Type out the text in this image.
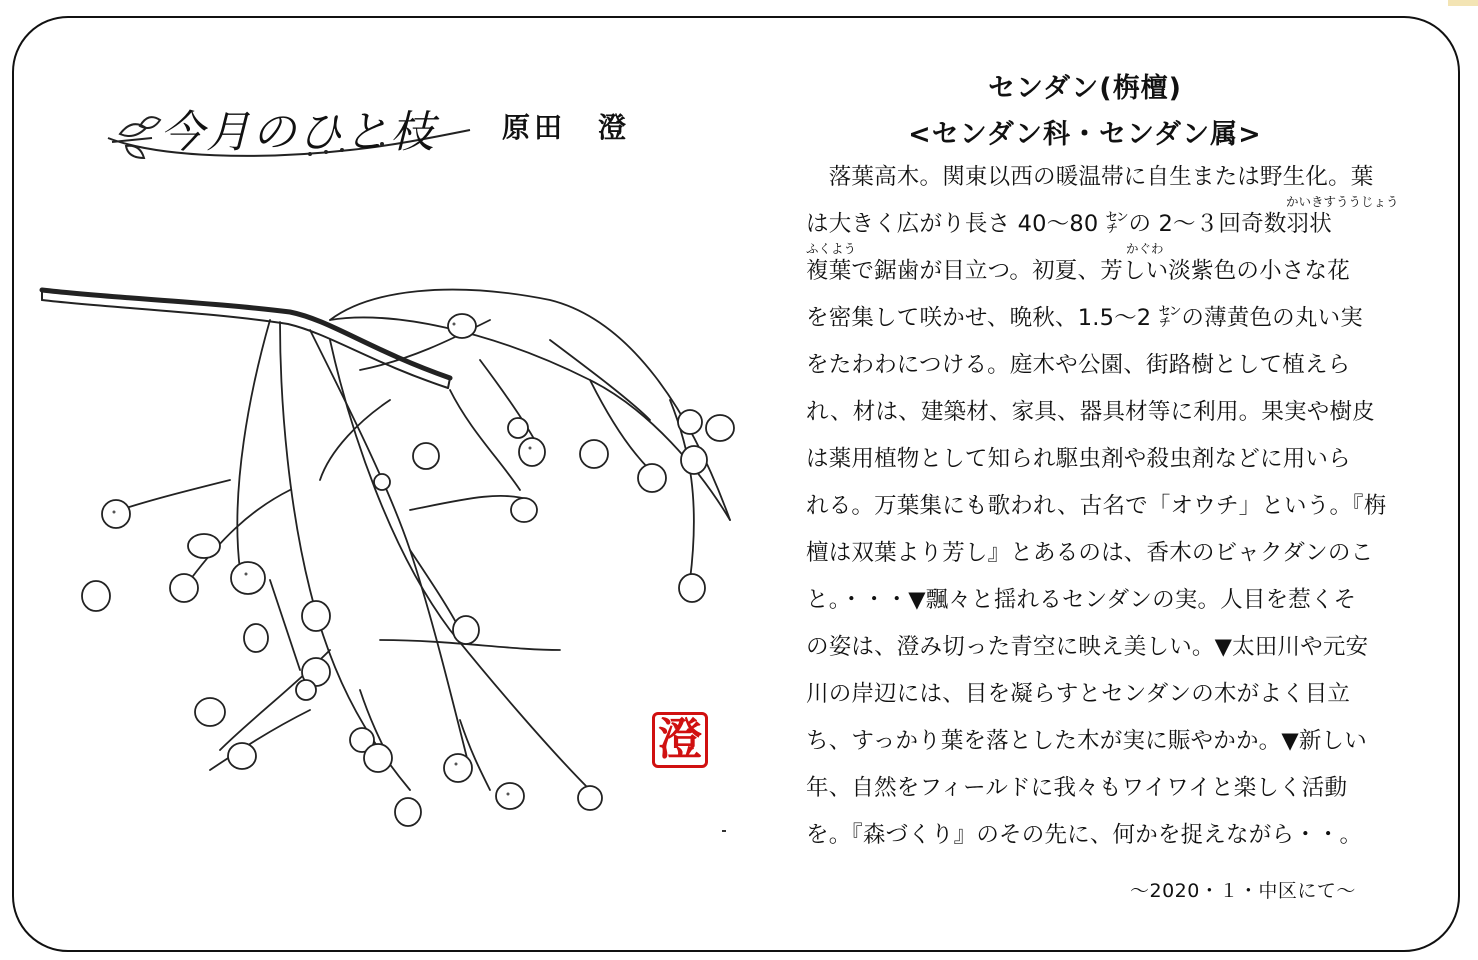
今月のひと枝 原田　澄
澄
センダン(栴檀)
<センダン科・センダン属>
　落葉高木。関東以西の暖温帯に自生または野生化。葉
かいきすううじょう
は大きく広がり長さ 40～80 ㌢の 2～３回奇数羽状
ふくよう	かぐわ
複葉で鋸歯が目立つ。初夏、芳しい淡紫色の小さな花
を密集して咲かせ、晩秋、1.5～2 ㌢の薄黄色の丸い実
をたわわにつける。庭木や公園、街路樹として植えら
れ、材は、建築材、家具、器具材等に利用。果実や樹皮
は薬用植物として知られ駆虫剤や殺虫剤などに用いら
れる。万葉集にも歌われ、古名で「オウチ」という。『栴
檀は双葉より芳し』とあるのは、香木のビャクダンのこ
と。・・・▼飄々と揺れるセンダンの実。人目を惹くそ
の姿は、澄み切った青空に映え美しい。▼太田川や元安
川の岸辺には、目を凝らすとセンダンの木がよく目立
ち、すっかり葉を落とした木が実に賑やかか。▼新しい
年、自然をフィールドに我々もワイワイと楽しく活動
を。『森づくり』のその先に、何かを捉えながら・・。
～2020・１・中区にて～
